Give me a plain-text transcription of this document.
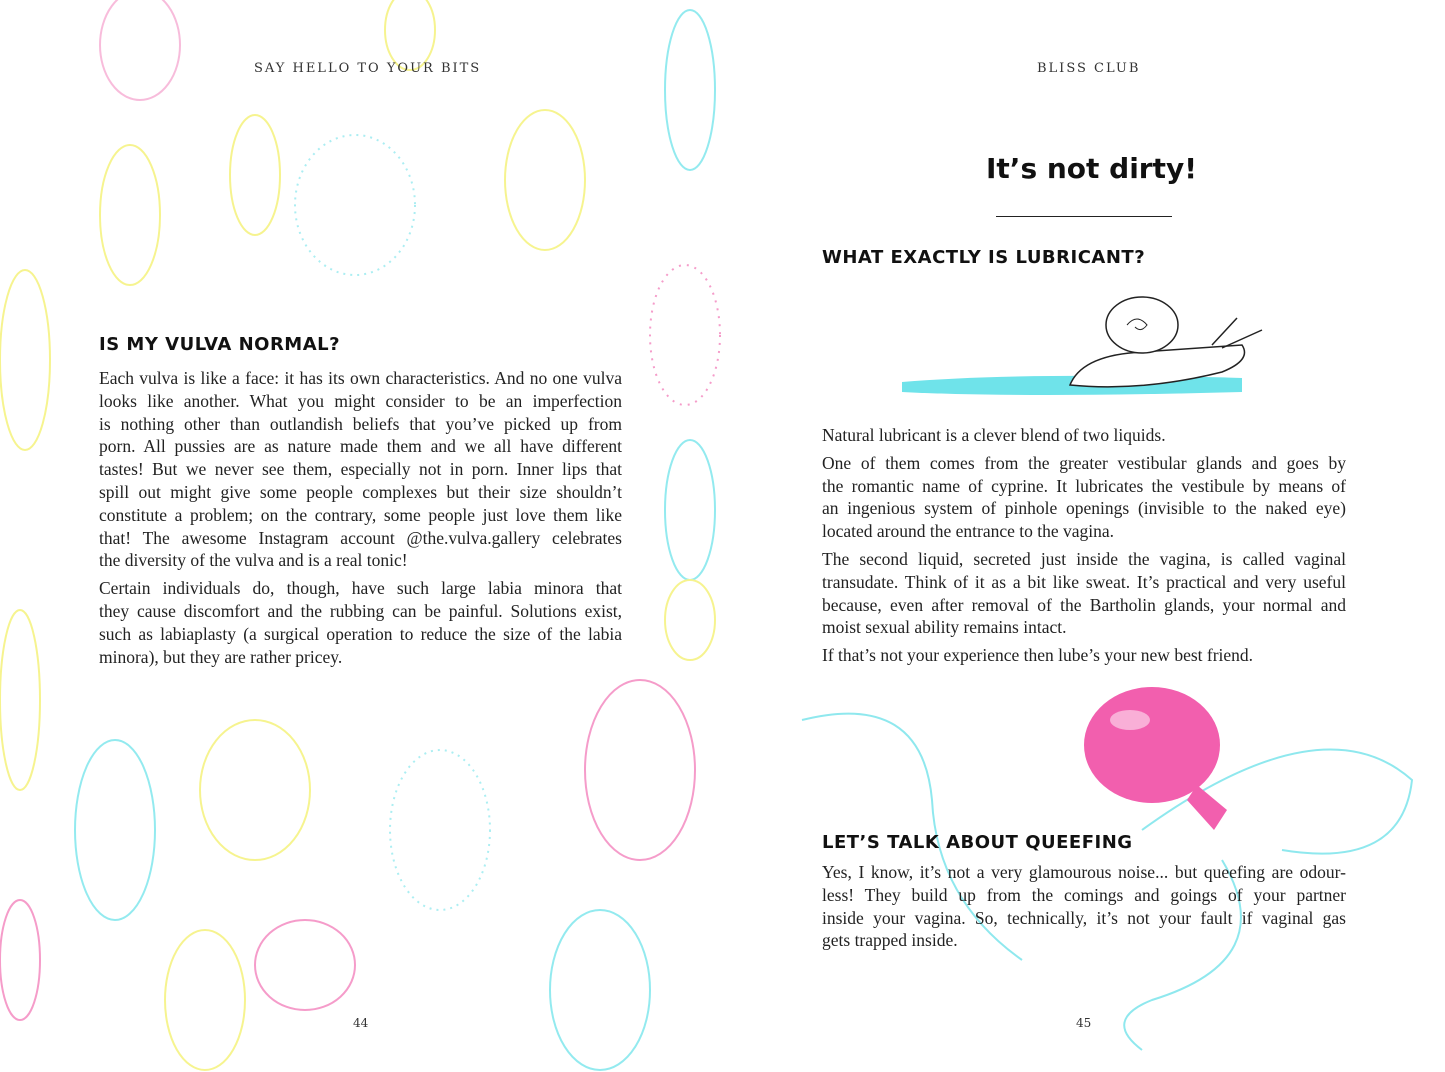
SAY HELLO TO YOUR BITS
IS MY VULVA NORMAL?

Each vulva is like a face: it has its own characteristics. And no one vulva
looks like another. What you might consider to be an imperfection
is nothing other than outlandish beliefs that you’ve picked up from
porn. All pussies are as nature made them and we all have different
tastes! But we never see them, especially not in porn. Inner lips that
spill out might give some people complexes but their size shouldn’t
constitute a problem; on the contrary, some people just love them like
that! The awesome Instagram account @the.vulva.gallery celebrates
the diversity of the vulva and is a real tonic!

Certain individuals do, though, have such large labia minora that
they cause discomfort and the rubbing can be painful. Solutions exist,
such as labiaplasty (a surgical operation to reduce the size of the labia
minora), but they are rather pricey.

44
BLISS CLUB
It’s not dirty!
WHAT EXACTLY IS LUBRICANT?

Natural lubricant is a clever blend of two liquids.

One of them comes from the greater vestibular glands and goes by
the romantic name of cyprine. It lubricates the vestibule by means of
an ingenious system of pinhole openings (invisible to the naked eye)
located around the entrance to the vagina.

The second liquid, secreted just inside the vagina, is called vaginal
transudate. Think of it as a bit like sweat. It’s practical and very useful
because, even after removal of the Bartholin glands, your normal and
moist sexual ability remains intact.

If that’s not your experience then lube’s your new best friend.

LET’S TALK ABOUT QUEEFING

Yes, I know, it’s not a very glamourous noise... but queefing are odour-
less! They build up from the comings and goings of your partner
inside your vagina. So, technically, it’s not your fault if vaginal gas
gets trapped inside.

45
